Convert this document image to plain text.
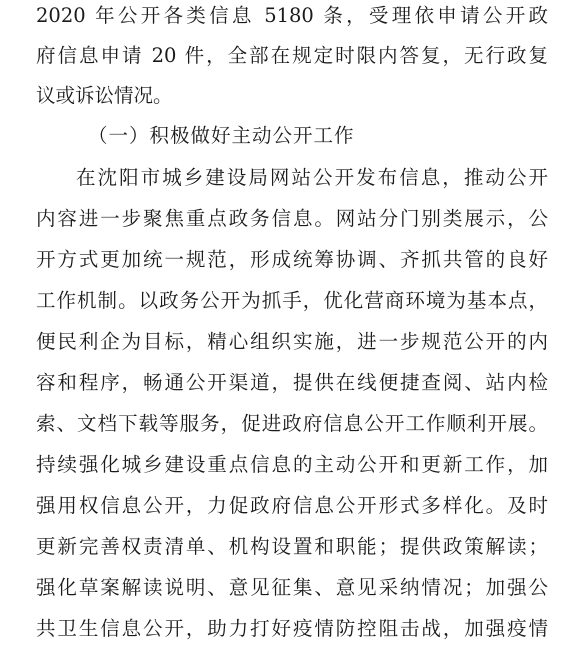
2020 年公开各类信息 5180 条，受理依申请公开政
府信息申请 20 件，全部在规定时限内答复，无行政复
议或诉讼情况。
（一）积极做好主动公开工作
在沈阳市城乡建设局网站公开发布信息，推动公开
内容进一步聚焦重点政务信息。网站分门别类展示，公
开方式更加统一规范，形成统筹协调、齐抓共管的良好
工作机制。以政务公开为抓手，优化营商环境为基本点，
便民利企为目标，精心组织实施，进一步规范公开的内
容和程序，畅通公开渠道，提供在线便捷查阅、站内检
索、文档下载等服务，促进政府信息公开工作顺利开展。
持续强化城乡建设重点信息的主动公开和更新工作，加
强用权信息公开，力促政府信息公开形式多样化。及时
更新完善权责清单、机构设置和职能；提供政策解读；
强化草案解读说明、意见征集、意见采纳情况；加强公
共卫生信息公开，助力打好疫情防控阻击战，加强疫情
